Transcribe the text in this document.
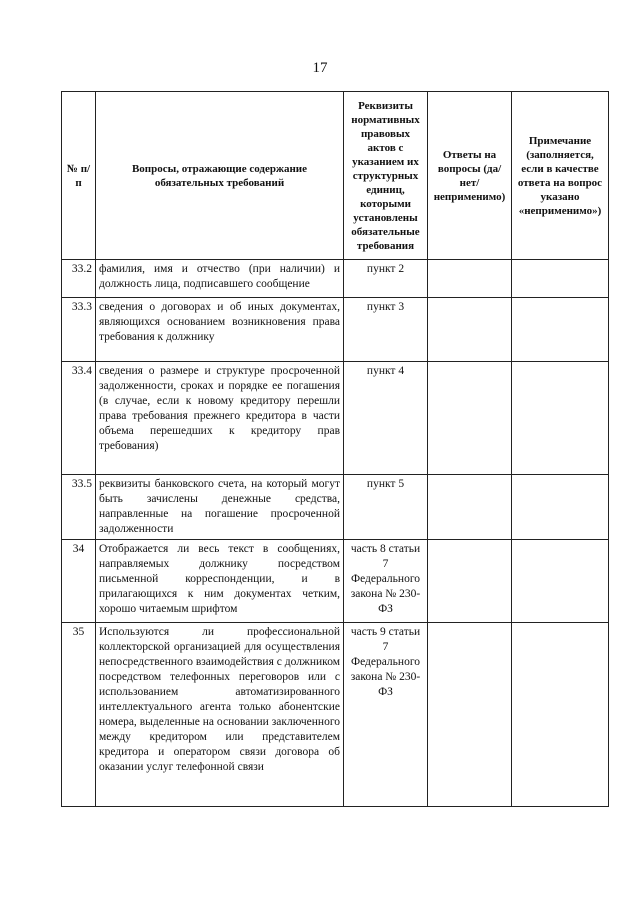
17
№ п/п	Вопросы, отражающие содержание обязательных требований	Реквизиты нормативных правовых актов с указанием их структурных единиц, которыми установлены обязательные требования	Ответы на вопросы (да/нет/ неприменимо)	Примечание (заполняется, если в качестве ответа на вопрос указано «неприменимо»)
33.2	фамилия, имя и отчество (при наличии) и должность лица, подписавшего сообщение	пункт 2		
33.3	сведения о договорах и об иных документах, являющихся основанием возникновения права требования к должнику	пункт 3		
33.4	сведения о размере и структуре просроченной задолженности, сроках и порядке ее погашения (в случае, если к новому кредитору перешли права требования прежнего кредитора в части объема перешедших к кредитору прав требования)	пункт 4		
33.5	реквизиты банковского счета, на который могут быть зачислены денежные средства, направленные на погашение просроченной задолженности	пункт 5		
34	Отображается ли весь текст в сообщениях, направляемых должнику посредством письменной корреспонденции, и в прилагающихся к ним документах четким, хорошо читаемым шрифтом	часть 8 статьи 7 Федерального закона № 230-ФЗ		
35	Используются ли профессиональной коллекторской организацией для осуществления непосредственного взаимодействия с должником посредством телефонных переговоров или с использованием автоматизированного интеллектуального агента только абонентские номера, выделенные на основании заключенного между кредитором или представителем кредитора и оператором связи договора об оказании услуг телефонной связи	часть 9 статьи 7 Федерального закона № 230-ФЗ		
